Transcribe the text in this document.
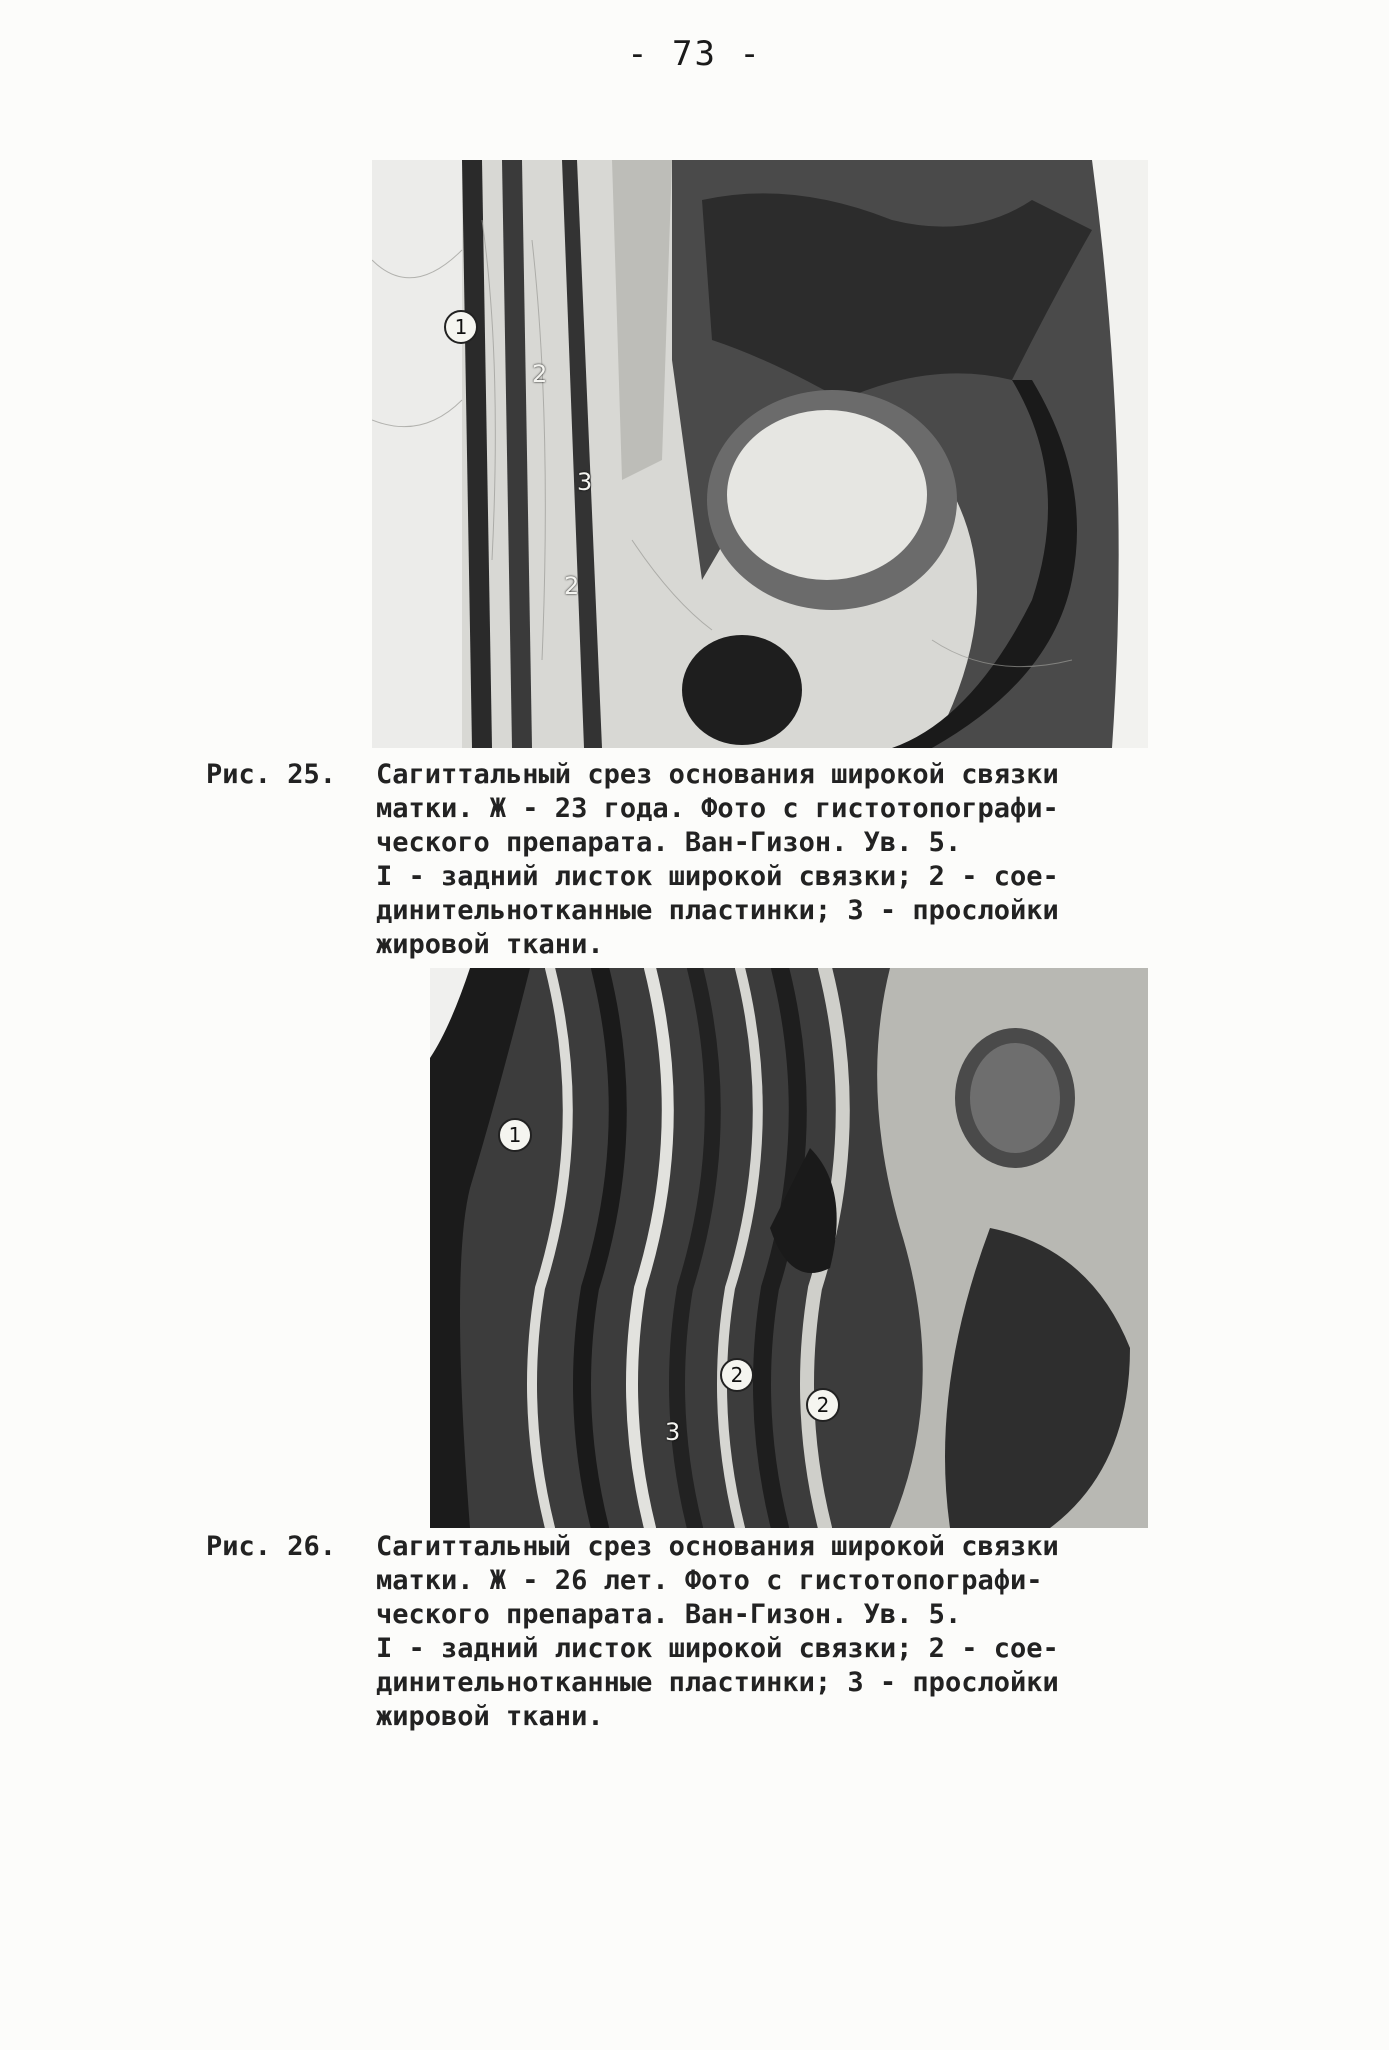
- 73 -
1
2
3
2
Рис. 25.	Сагиттальный срез основания широкой связки
матки. Ж - 23 года. Фото с гистотопографи-
ческого препарата. Ван-Гизон. Ув. 5.
I - задний листок широкой связки; 2 - сое-
динительнотканные пластинки; 3 - прослойки
жировой ткани.
1
2
2
3
Рис. 26.	Сагиттальный срез основания широкой связки
матки. Ж - 26 лет. Фото с гистотопографи-
ческого препарата. Ван-Гизон. Ув. 5.
I - задний листок широкой связки; 2 - сое-
динительнотканные пластинки; 3 - прослойки
жировой ткани.
